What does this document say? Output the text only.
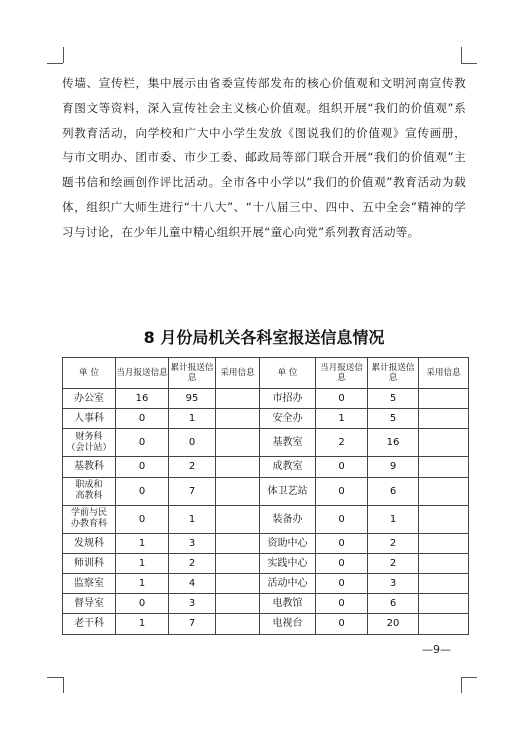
传墙、宣传栏，集中展示由省委宣传部发布的核心价值观和文明河南宣传教育图文等资料，深入宣传社会主义核心价值观。组织开展“我们的价值观”系列教育活动，向学校和广大中小学生发放《图说我们的价值观》宣传画册，与市文明办、团市委、市少工委、邮政局等部门联合开展“我们的价值观”主题书信和绘画创作评比活动。全市各中小学以“我们的价值观”教育活动为载体，组织广大师生进行“十八大”、“十八届三中、四中、五中全会”精神的学习与讨论，在少年儿童中精心组织开展“童心向党”系列教育活动等。

8 月份局机关各科室报送信息情况
单 位	当月报送信息	累计报送信息	采用信息	单 位	当月报送信息	累计报送信息	采用信息
办公室	16	95		市招办	0	5	
人事科	0	1		安全办	1	5	
财务科
（会计站）	0	0		基教室	2	16	
基教科	0	2		成教室	0	9	
职成和
高教科	0	7		体卫艺站	0	6	
学前与民
办教育科	0	1		装备办	0	1	
发规科	1	3		资助中心	0	2	
师训科	1	2		实践中心	0	2	
监察室	1	4		活动中心	0	3	
督导室	0	3		电教馆	0	6	
老干科	1	7		电视台	0	20	
—9—
